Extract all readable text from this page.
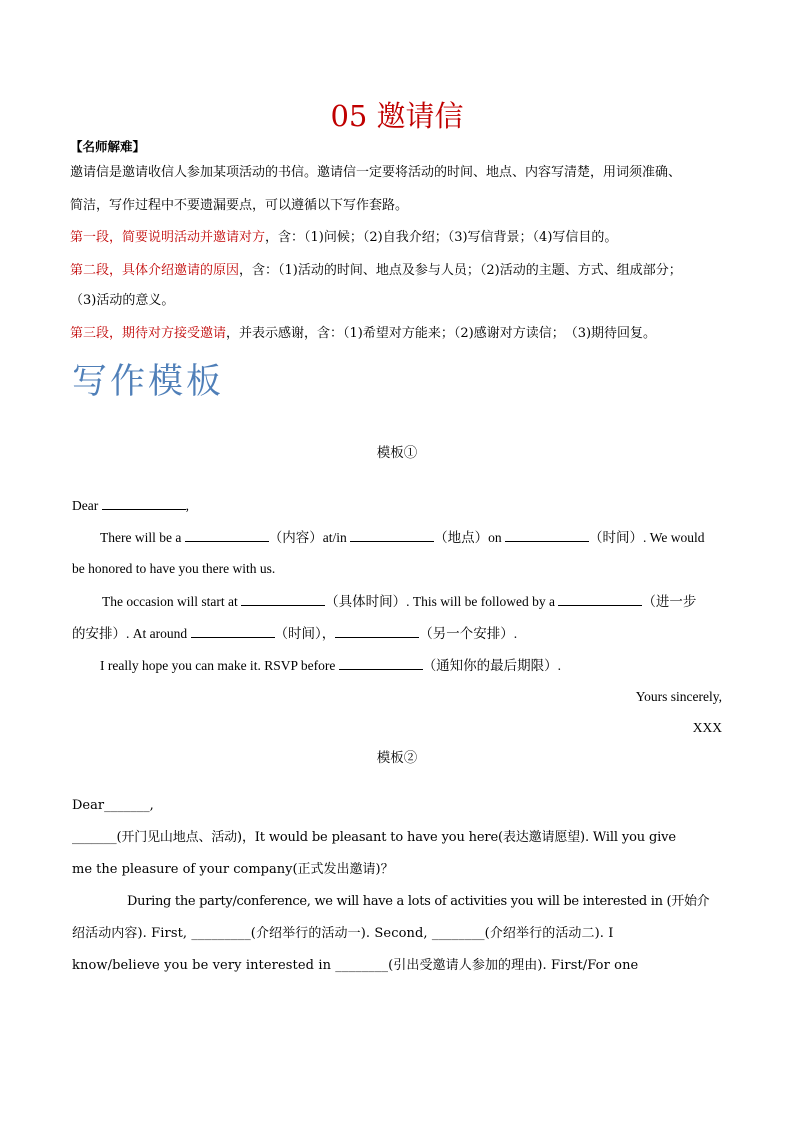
05 邀请信
【名师解难】
邀请信是邀请收信人参加某项活动的书信。邀请信一定要将活动的时间、地点、内容写清楚，用词须准确、
简洁，写作过程中不要遗漏要点，可以遵循以下写作套路。
第一段，简要说明活动并邀请对方，含：（1)问候；（2)自我介绍；（3)写信背景；（4)写信目的。
第二段，具体介绍邀请的原因，含：（1)活动的时间、地点及参与人员；（2)活动的主题、方式、组成部分；
（3)活动的意义。
第三段，期待对方接受邀请，并表示感谢，含：（1)希望对方能来；（2)感谢对方读信；　（3)期待回复。
写作模板
模板①
Dear	,
There will be a	（内容）at/in	（地点）on	（时间）. We would
be honored to have you there with us.
The occasion will start at	（具体时间）. This will be followed by a	（进一步
的安排）. At around	（时间），	（另一个安排）.
I really hope you can make it. RSVP before	（通知你的最后期限）.
Yours sincerely,
XXX
模板②
Dear_______,
_______(开门见山地点、活动)，It would be pleasant to have you here(表达邀请愿望). Will you give
me the pleasure of your company(正式发出邀请)？
During the party/conference, we will have a lots of activities you will be interested in (开始介
绍活动内容). First, _________(介绍举行的活动一). Second, ________(介绍举行的活动二). I
know/believe you be very interested in ________(引出受邀请人参加的理由). First/For one
